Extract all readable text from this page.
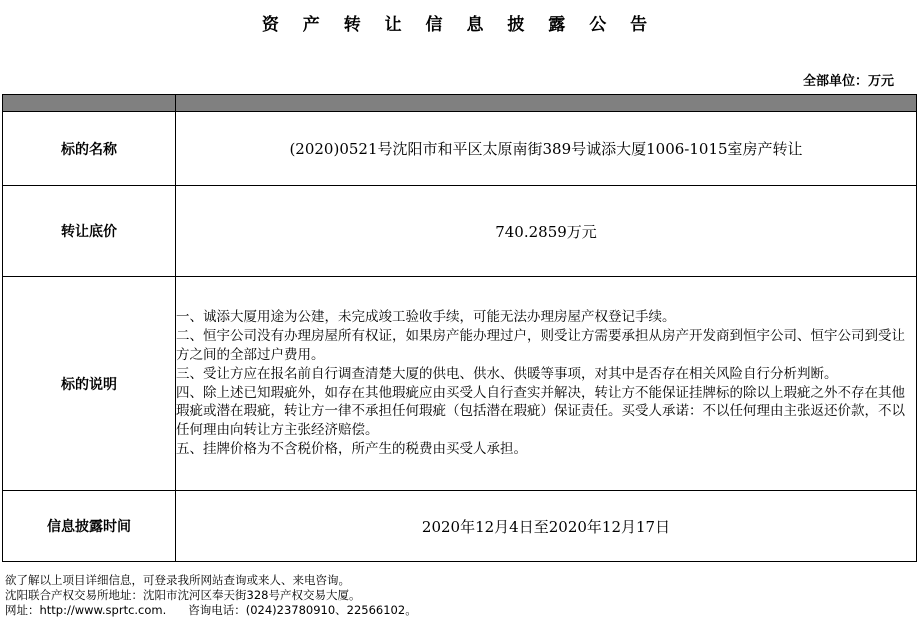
资 产 转 让 信 息 披 露 公 告
全部单位：万元

标的名称	(2020)0521号沈阳市和平区太原南街389号诚添大厦1006-1015室房产转让
转让底价	740.2859万元
标的说明	一、诚添大厦用途为公建，未完成竣工验收手续，可能无法办理房屋产权登记手续。

二、恒宇公司没有办理房屋所有权证，如果房产能办理过户，则受让方需要承担从房产开发商到恒宇公司、恒宇公司到受让方之间的全部过户费用。

三、受让方应在报名前自行调查清楚大厦的供电、供水、供暖等事项，对其中是否存在相关风险自行分析判断。

四、除上述已知瑕疵外，如存在其他瑕疵应由买受人自行查实并解决，转让方不能保证挂牌标的除以上瑕疵之外不存在其他瑕疵或潜在瑕疵，转让方一律不承担任何瑕疵（包括潜在瑕疵）保证责任。买受人承诺：不以任何理由主张返还价款，不以任何理由向转让方主张经济赔偿。

五、挂牌价格为不含税价格，所产生的税费由买受人承担。

信息披露时间	2020年12月4日至2020年12月17日
欲了解以上项目详细信息，可登录我所网站查询或来人、来电咨询。
沈阳联合产权交易所地址：沈阳市沈河区奉天街328号产权交易大厦。
网址：http://www.sprtc.com.      咨询电话：(024)23780910、22566102。
